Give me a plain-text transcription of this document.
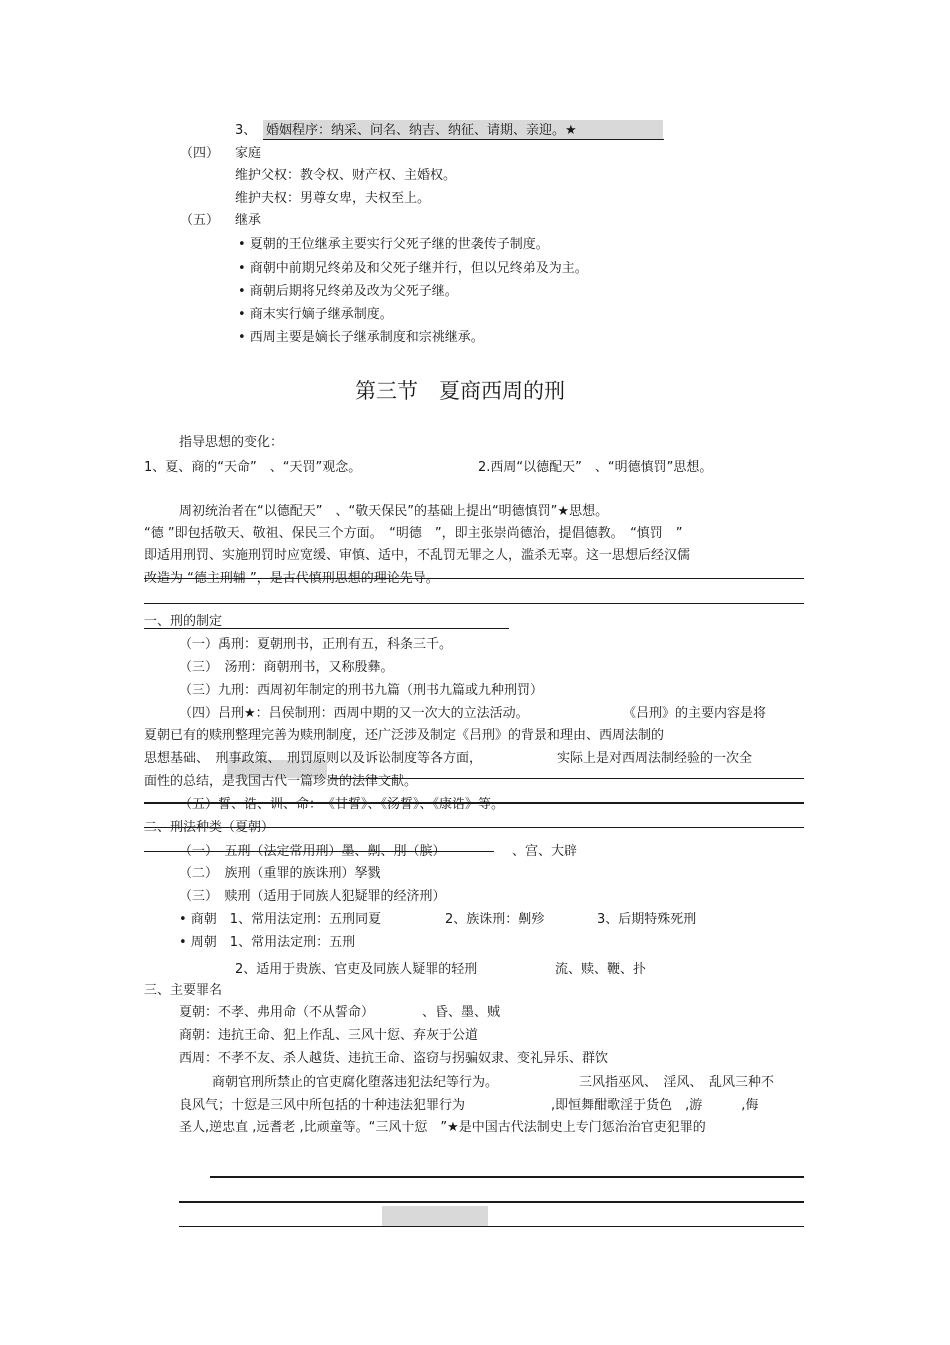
3、 婚姻程序：纳采、问名、纳吉、纳征、请期、亲迎。★
（四） 家庭
维护父权：教令权、财产权、主婚权。
维护夫权：男尊女卑，夫权至上。
（五） 继承
• 夏朝的王位继承主要实行父死子继的世袭传子制度。
• 商朝中前期兄终弟及和父死子继并行，但以兄终弟及为主。
• 商朝后期将兄终弟及改为父死子继。
• 商末实行嫡子继承制度。
• 西周主要是嫡长子继承制度和宗祧继承。
第三节　夏商西周的刑
指导思想的变化：
1、夏、商的“天命”　、“天罚”观念。	2.西周“以德配天”　、“明德慎罚”思想。
周初统治者在“以德配天”　、“敬天保民”的基础上提出“明德慎罚”★思想。
“德 ”即包括敬天、敬祖、保民三个方面。　“明德　”，即主张崇尚德治，提倡德教。　“慎罚　”
即适用刑罚、实施刑罚时应宽缓、审慎、适中，不乱罚无罪之人，滥杀无辜。这一思想后经汉儒
改造为 “德主刑辅 ”，是古代慎刑思想的理论先导。
一、刑的制定
（一）禹刑：夏朝刑书，正刑有五，科条三千。
（三）　汤刑：商朝刑书，又称殷彝。
（三）九刑：西周初年制定的刑书九篇（刑书九篇或九种刑罚）
（四）吕刑★：吕侯制刑：西周中期的又一次大的立法活动。	《吕刑》的主要内容是将
夏朝已有的赎刑整理完善为赎刑制度，还广泛涉及制定《吕刑》的背景和理由、西周法制的
思想基础、　刑事政策、　刑罚原则以及诉讼制度等各方面，	实际上是对西周法制经验的一次全
面性的总结，是我国古代一篇珍贵的法律文献。
（五）誓、诰、训、命：　《甘誓》、《汤誓》、《康诰》等。
二、刑法种类（夏朝）
（一）　五刑（法定常用刑）墨、劓、刖（膑）	、宫、大辟
（二）　族刑（重罪的族诛刑）孥戮
（三）　赎刑（适用于同族人犯疑罪的经济刑）
• 商朝　1、常用法定刑：五刑同夏	2、族诛刑：劓殄	3、后期特殊死刑
• 周朝　1、常用法定刑：五刑
2、适用于贵族、官吏及同族人疑罪的轻刑	流、赎、鞭、扑
三、主要罪名
夏朝：不孝、弗用命（不从誓命）	、昏、墨、贼
商朝：违抗王命、犯上作乱、三风十愆、弃灰于公道
西周：不孝不友、杀人越货、违抗王命、盗窃与拐骗奴隶、变礼异乐、群饮
商朝官刑所禁止的官吏腐化堕落违犯法纪等行为。	三风指巫风、　淫风、　乱风三种不
良风气；十愆是三风中所包括的十种违法犯罪行为	,即恒舞酣歌淫于货色　,游　　　,侮
圣人,逆忠直 ,远耆老 ,比顽童等。“三风十愆　”★是中国古代法制史上专门惩治治官吏犯罪的
